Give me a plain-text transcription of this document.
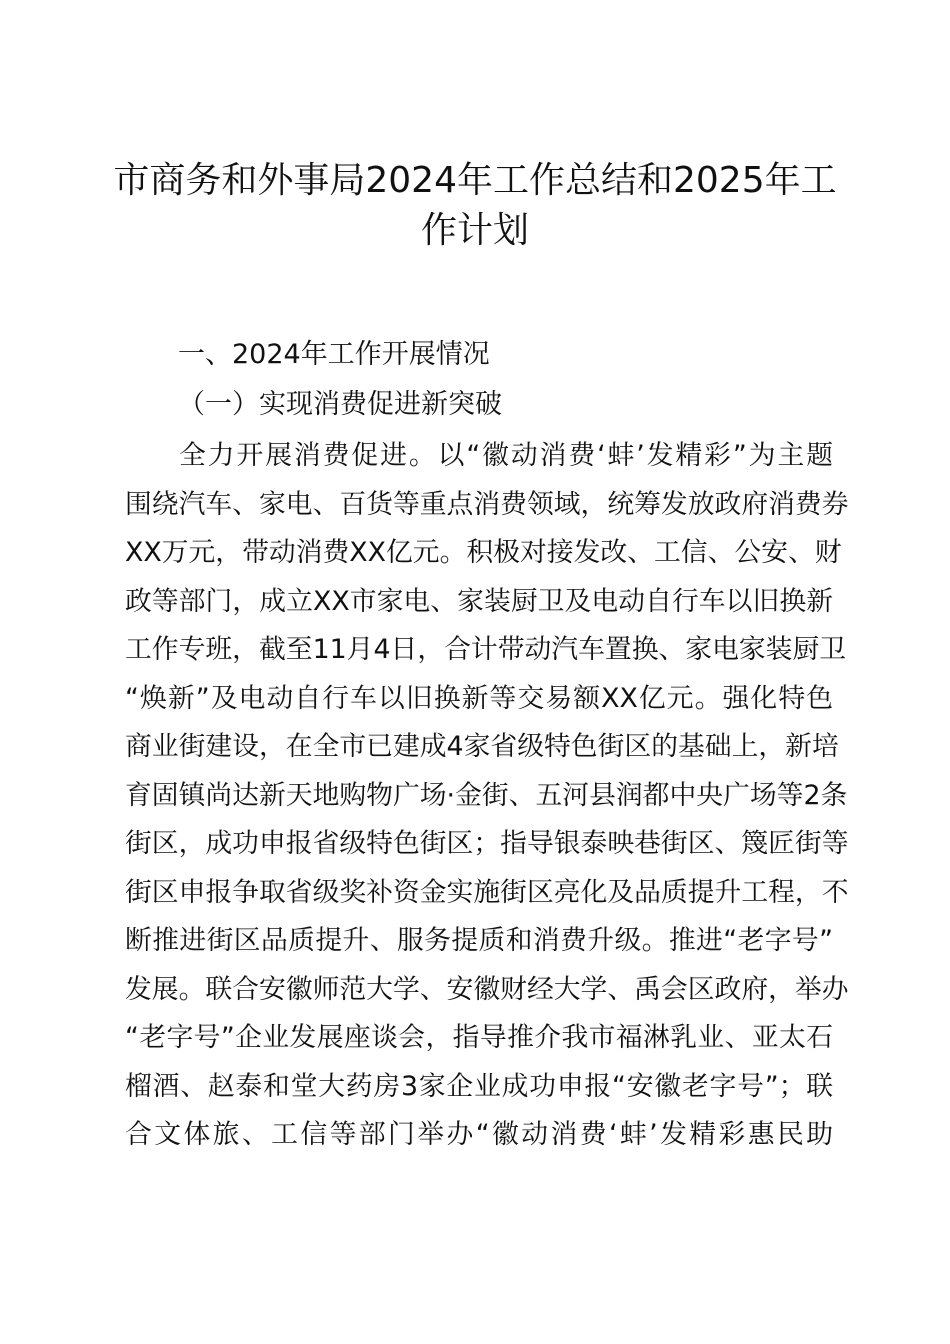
市商务和外事局2024年工作总结和2025年工
作计划
一、2024年工作开展情况
（一）实现消费促进新突破
全力开展消费促进。以“徽动消费‘蚌’发精彩”为主题
围绕汽车、家电、百货等重点消费领域，统筹发放政府消费券
XX万元，带动消费XX亿元。积极对接发改、工信、公安、财
政等部门，成立XX市家电、家装厨卫及电动自行车以旧换新
工作专班，截至11月4日，合计带动汽车置换、家电家装厨卫
“焕新”及电动自行车以旧换新等交易额XX亿元。强化特色
商业街建设，在全市已建成4家省级特色街区的基础上，新培
育固镇尚达新天地购物广场·金街、五河县润都中央广场等2条
街区，成功申报省级特色街区；指导银泰映巷街区、篾匠街等
街区申报争取省级奖补资金实施街区亮化及品质提升工程，不
断推进街区品质提升、服务提质和消费升级。推进“老字号”
发展。联合安徽师范大学、安徽财经大学、禹会区政府，举办
“老字号”企业发展座谈会，指导推介我市福淋乳业、亚太石
榴酒、赵泰和堂大药房3家企业成功申报“安徽老字号”；联
合文体旅、工信等部门举办“徽动消费‘蚌’发精彩惠民助
